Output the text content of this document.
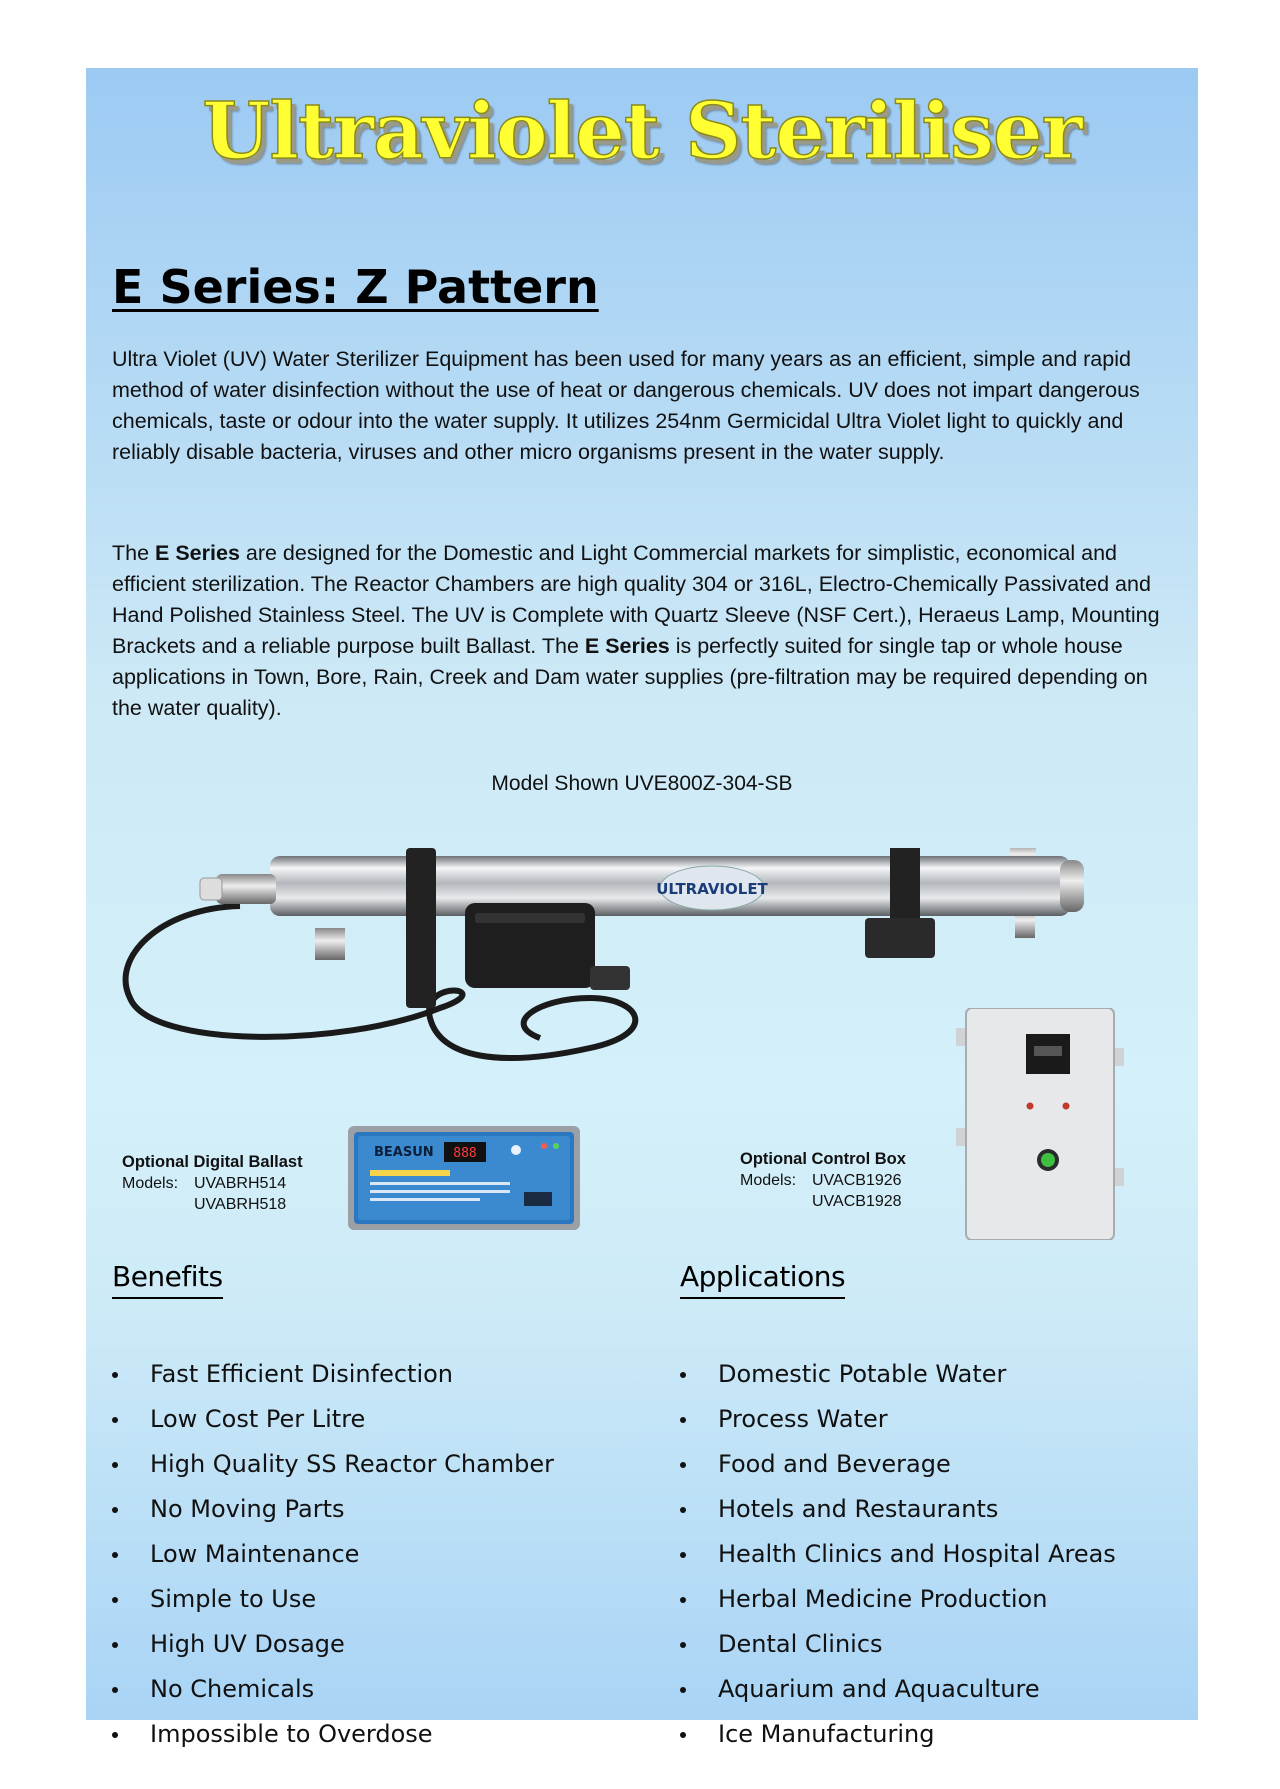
Ultraviolet Steriliser
E Series: Z Pattern

Ultra Violet (UV) Water Sterilizer Equipment has been used for many years as an efficient, simple and rapid method of water disinfection without the use of heat or dangerous chemicals. UV does not impart dangerous chemicals, taste or odour into the water supply. It utilizes 254nm Germicidal Ultra Violet light to quickly and reliably disable bacteria, viruses and other micro organisms present in the water supply.

The E Series are designed for the Domestic and Light Commercial markets for simplistic, economical and efficient sterilization. The Reactor Chambers are high quality 304 or 316L, Electro-Chemically Passivated and Hand Polished Stainless Steel. The UV is Complete with Quartz Sleeve (NSF Cert.), Heraeus Lamp, Mounting Brackets and a reliable purpose built Ballast. The E Series is perfectly suited for single tap or whole house applications in Town, Bore, Rain, Creek and Dam water supplies (pre-filtration may be required depending on the water quality).

Model Shown UVE800Z-304-SB
ULTRAVIOLET
Optional Digital Ballast
Models: UVABRH514
UVABRH518
BEASUN 888	Optional Control Box
Models: UVACB1926
UVACB1928
Benefits
Fast Efficient Disinfection
Low Cost Per Litre
High Quality SS Reactor Chamber
No Moving Parts
Low Maintenance
Simple to Use
High UV Dosage
No Chemicals
Impossible to Overdose
Applications
Domestic Potable Water
Process Water
Food and Beverage
Hotels and Restaurants
Health Clinics and Hospital Areas
Herbal Medicine Production
Dental Clinics
Aquarium and Aquaculture
Ice Manufacturing
